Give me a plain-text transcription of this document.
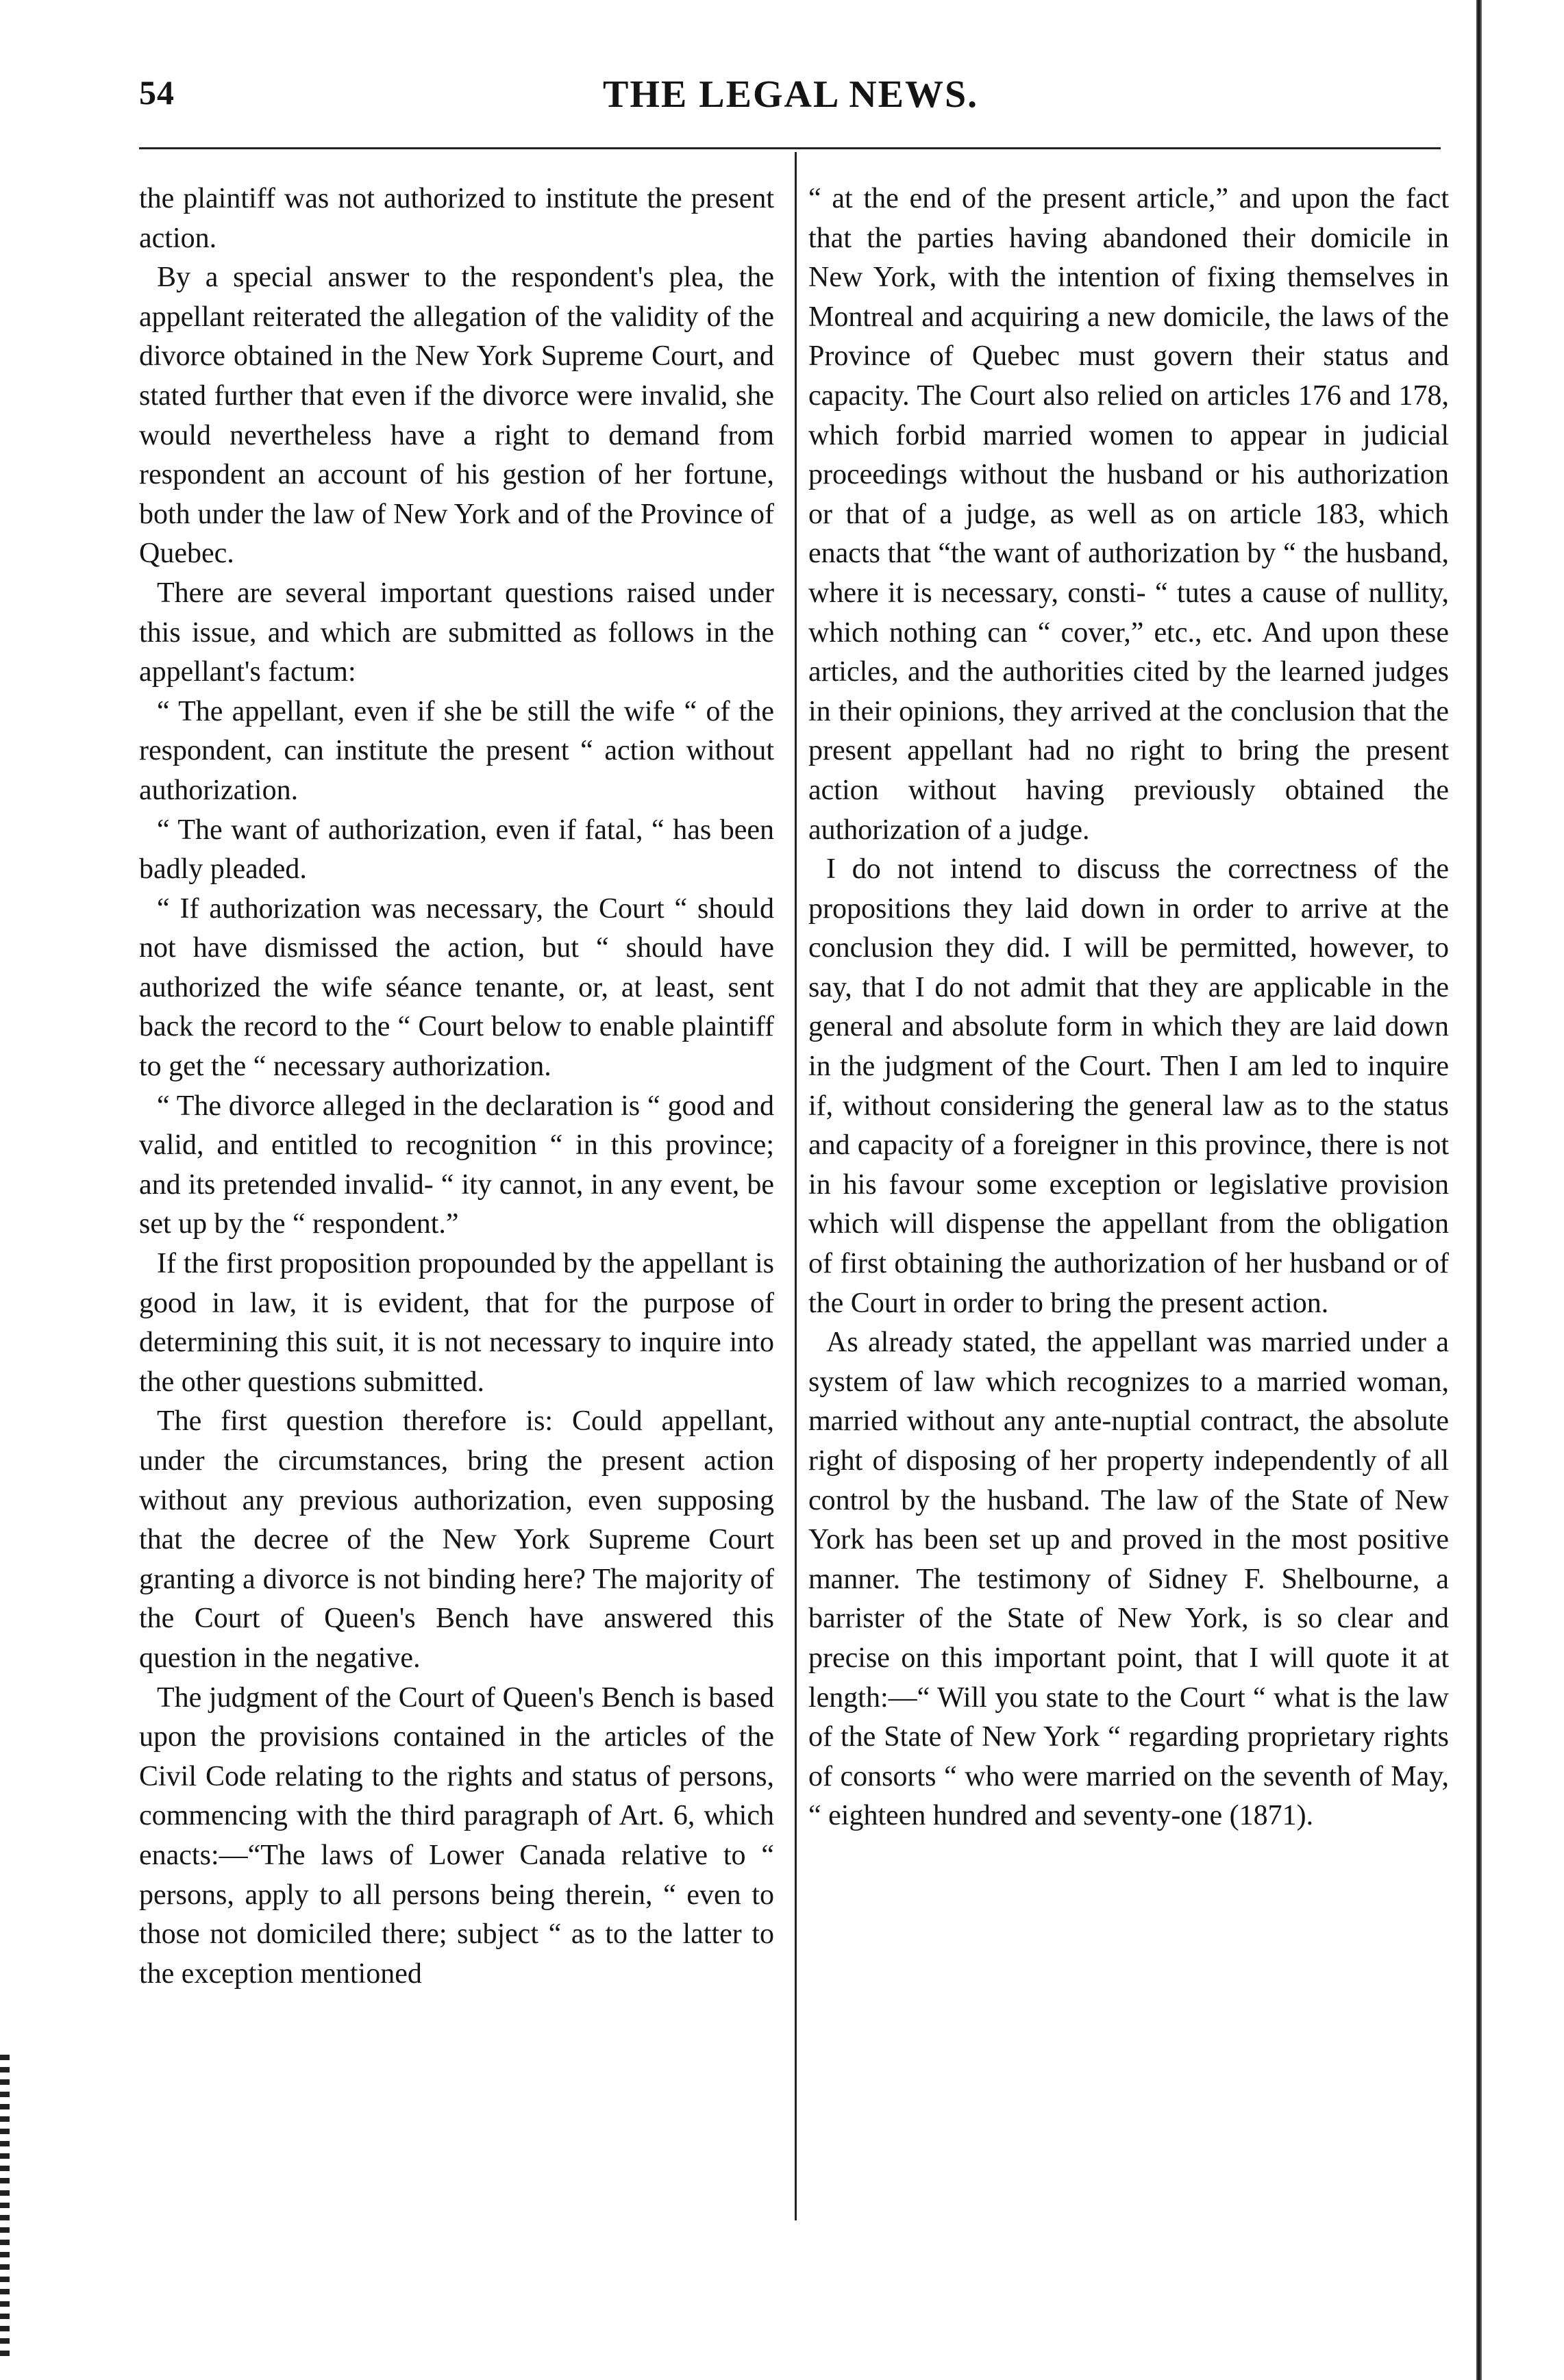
54	THE LEGAL NEWS.

the plaintiff was not authorized to institute the present action.

By a special answer to the respondent's plea, the appellant reiterated the allegation of the validity of the divorce obtained in the New York Supreme Court, and stated further that even if the divorce were invalid, she would nevertheless have a right to demand from respondent an account of his gestion of her fortune, both under the law of New York and of the Province of Quebec.

There are several important questions raised under this issue, and which are submitted as follows in the appellant's factum:

“ The appellant, even if she be still the wife “ of the respondent, can institute the present “ action without authorization.

“ The want of authorization, even if fatal, “ has been badly pleaded.

“ If authorization was necessary, the Court “ should not have dismissed the action, but “ should have authorized the wife séance tenante, or, at least, sent back the record to the “ Court below to enable plaintiff to get the “ necessary authorization.

“ The divorce alleged in the declaration is “ good and valid, and entitled to recognition “ in this province; and its pretended invalid- “ ity cannot, in any event, be set up by the “ respondent.”

If the first proposition propounded by the appellant is good in law, it is evident, that for the purpose of determining this suit, it is not necessary to inquire into the other questions submitted.

The first question therefore is: Could appellant, under the circumstances, bring the present action without any previous authorization, even supposing that the decree of the New York Supreme Court granting a divorce is not binding here? The majority of the Court of Queen's Bench have answered this question in the negative.

The judgment of the Court of Queen's Bench is based upon the provisions contained in the articles of the Civil Code relating to the rights and status of persons, commencing with the third paragraph of Art. 6, which enacts:—“The laws of Lower Canada relative to “ persons, apply to all persons being therein, “ even to those not domiciled there; subject “ as to the latter to the exception mentioned

“ at the end of the present article,” and upon the fact that the parties having abandoned their domicile in New York, with the intention of fixing themselves in Montreal and acquiring a new domicile, the laws of the Province of Quebec must govern their status and capacity. The Court also relied on articles 176 and 178, which forbid married women to appear in judicial proceedings without the husband or his authorization or that of a judge, as well as on article 183, which enacts that “the want of authorization by “ the husband, where it is necessary, consti- “ tutes a cause of nullity, which nothing can “ cover,” etc., etc. And upon these articles, and the authorities cited by the learned judges in their opinions, they arrived at the conclusion that the present appellant had no right to bring the present action without having previously obtained the authorization of a judge.

I do not intend to discuss the correctness of the propositions they laid down in order to arrive at the conclusion they did. I will be permitted, however, to say, that I do not admit that they are applicable in the general and absolute form in which they are laid down in the judgment of the Court. Then I am led to inquire if, without considering the general law as to the status and capacity of a foreigner in this province, there is not in his favour some exception or legislative provision which will dispense the appellant from the obligation of first obtaining the authorization of her husband or of the Court in order to bring the present action.

As already stated, the appellant was married under a system of law which recognizes to a married woman, married without any ante-nuptial contract, the absolute right of disposing of her property independently of all control by the husband. The law of the State of New York has been set up and proved in the most positive manner. The testimony of Sidney F. Shelbourne, a barrister of the State of New York, is so clear and precise on this important point, that I will quote it at length:—“ Will you state to the Court “ what is the law of the State of New York “ regarding proprietary rights of consorts “ who were married on the seventh of May, “ eighteen hundred and seventy-one (1871).
